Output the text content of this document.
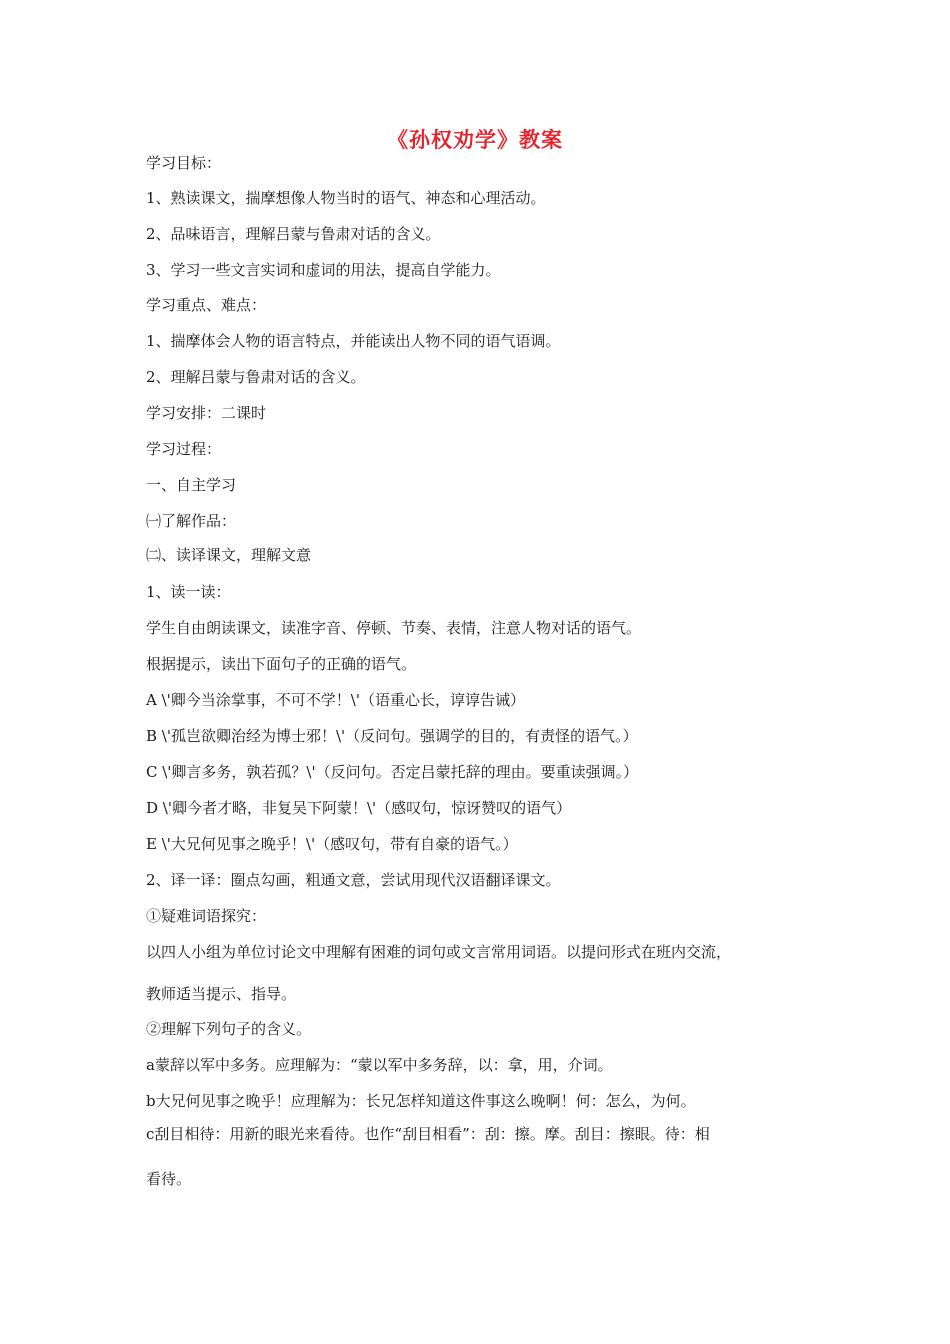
《孙权劝学》教案
学习目标：
1、熟读课文，揣摩想像人物当时的语气、神态和心理活动。
2、品味语言，理解吕蒙与鲁肃对话的含义。
3、学习一些文言实词和虚词的用法，提高自学能力。
学习重点、难点：
1、揣摩体会人物的语言特点，并能读出人物不同的语气语调。
2、理解吕蒙与鲁肃对话的含义。
学习安排：二课时
学习过程：
一、自主学习
㈠了解作品：
㈡、读译课文，理解文意
1、读一读：
学生自由朗读课文，读准字音、停顿、节奏、表情，注意人物对话的语气。
根据提示，读出下面句子的正确的语气。
A \'卿今当涂掌事，不可不学！\'（语重心长，谆谆告诫）
B \'孤岂欲卿治经为博士邪！\'（反问句。强调学的目的，有责怪的语气。）
C \'卿言多务，孰若孤？\'（反问句。否定吕蒙托辞的理由。要重读强调。）
D \'卿今者才略，非复吴下阿蒙！\'（感叹句，惊讶赞叹的语气）
E \'大兄何见事之晚乎！\'（感叹句，带有自豪的语气。）
2、译一译：圈点勾画，粗通文意，尝试用现代汉语翻译课文。
①疑难词语探究：
以四人小组为单位讨论文中理解有困难的词句或文言常用词语。以提问形式在班内交流，
教师适当提示、指导。
②理解下列句子的含义。
a蒙辞以军中多务。应理解为：“蒙以军中多务辞，以：拿，用，介词。
b大兄何见事之晚乎！应理解为：长兄怎样知道这件事这么晚啊！何：怎么，为何。
c刮目相待：用新的眼光来看待。也作“刮目相看”：刮：擦。摩。刮目：擦眼。待：相
看待。
